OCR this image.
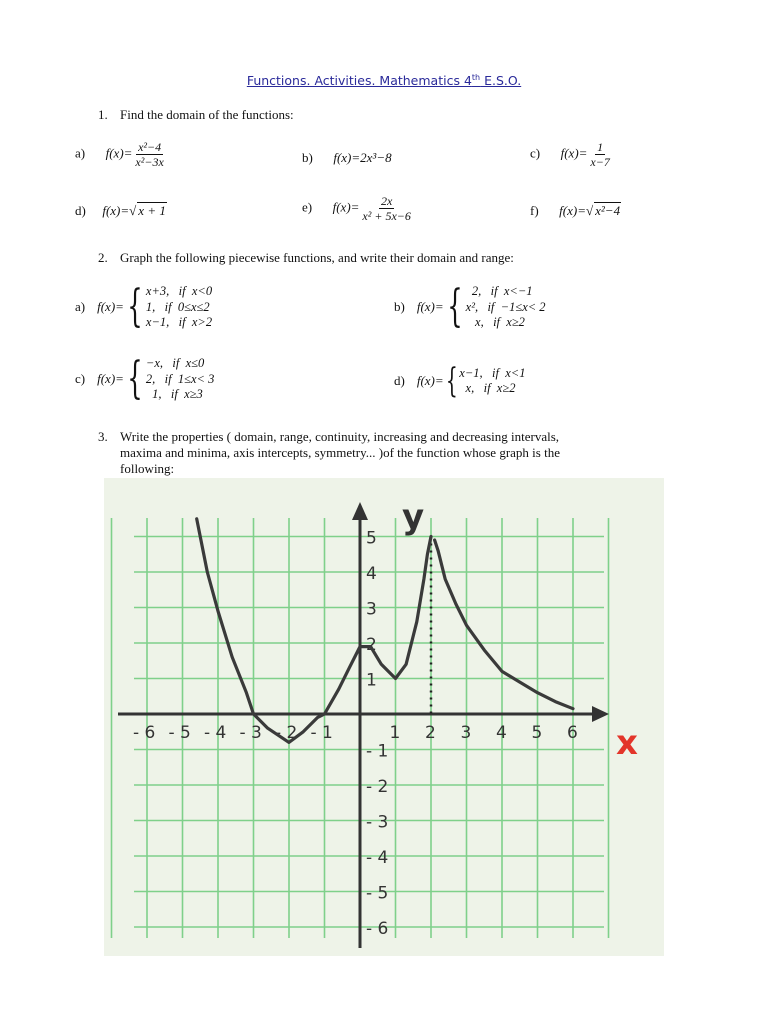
Functions. Activities. Mathematics 4th E.S.O.
1. Find the domain of the functions:
a) $f(x)= \frac{\text{x²−4}}{\text{x²−3x}}$	b) f(x)=2x³−8	c) $f(x)= \frac{1}{x-7}$
d) f(x)=√ x + 1	e) $f(x)= \frac{2x}{\text{x² + 5x−6}}$	f) f(x)=√ x²−4
2. Graph the following piecewise functions, and write their domain and range:
a) f(x)= { x+3,   if  x<0
1,   if  0≤x≤2
x−1,   if  x>2
b) f(x)= { 2,   if  x<−1
x²,   if  −1≤x< 2
x,   if  x≥2
c) f(x)= { −x,   if  x≤0
2,   if  1≤x< 3
1,   if  x≥3
d) f(x)= { x−1,   if  x<1
x,   if  x≥2
3. Write the properties ( domain, range, continuity, increasing and decreasing intervals,
maxima and minima, axis intercepts, symmetry... )of the function whose graph is the
following:
- 6 - 5 - 4 - 3 - 2 - 1	1 2 3 4 5 6
5
4
3
2
1
- 1
- 2
- 3
- 4
- 5
- 6
y
x
